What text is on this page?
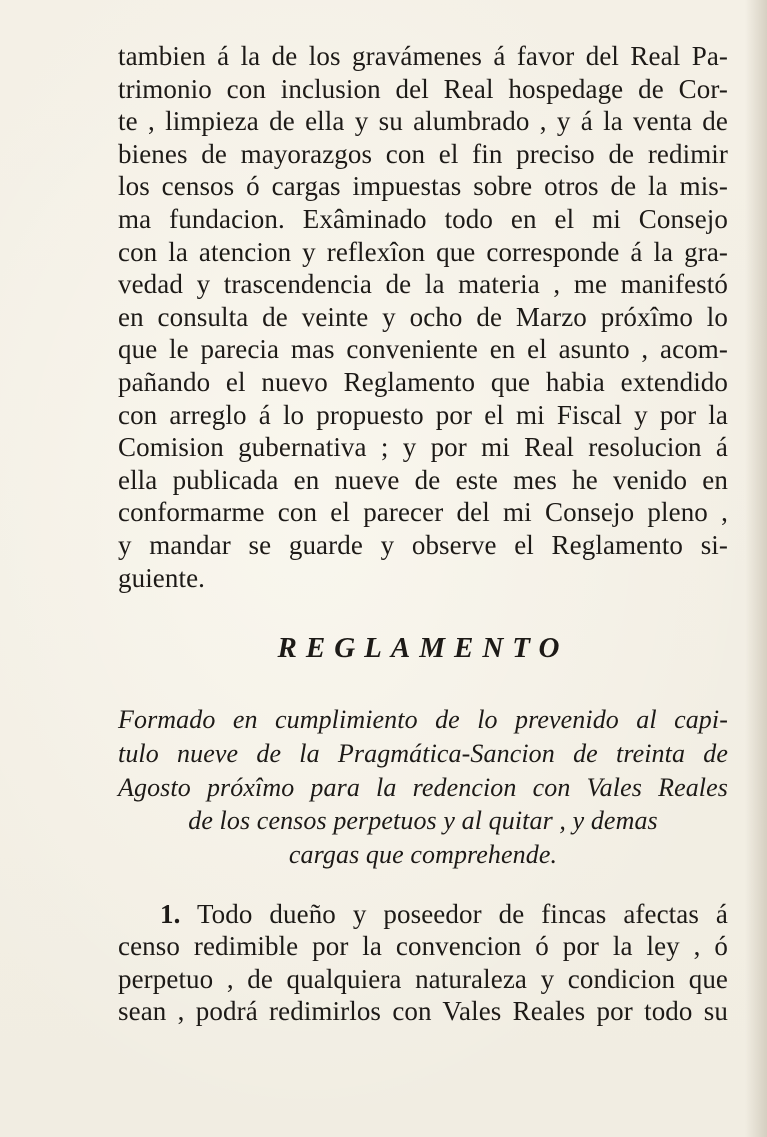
tambien á la de los gravámenes á favor del Real Pa-
trimonio con inclusion del Real hospedage de Cor-
te , limpieza de ella y su alumbrado , y á la venta de
bienes de mayorazgos con el fin preciso de redimir
los censos ó cargas impuestas sobre otros de la mis-
ma fundacion. Exâminado todo en el mi Consejo
con la atencion y reflexîon que corresponde á la gra-
vedad y trascendencia de la materia , me manifestó
en consulta de veinte y ocho de Marzo próxîmo lo
que le parecia mas conveniente en el asunto , acom-
pañando el nuevo Reglamento que habia extendido
con arreglo á lo propuesto por el mi Fiscal y por la
Comision gubernativa ; y por mi Real resolucion á
ella publicada en nueve de este mes he venido en
conformarme con el parecer del mi Consejo pleno ,
y mandar se guarde y observe el Reglamento si-
guiente.
REGLAMENTO
Formado en cumplimiento de lo prevenido al capi-
tulo nueve de la Pragmática-Sancion de treinta de
Agosto próxîmo para la redencion con Vales Reales
de los censos perpetuos y al quitar , y demas
cargas que comprehende.
1. Todo dueño y poseedor de fincas afectas á
censo redimible por la convencion ó por la ley , ó
perpetuo , de qualquiera naturaleza y condicion que
sean , podrá redimirlos con Vales Reales por todo su
